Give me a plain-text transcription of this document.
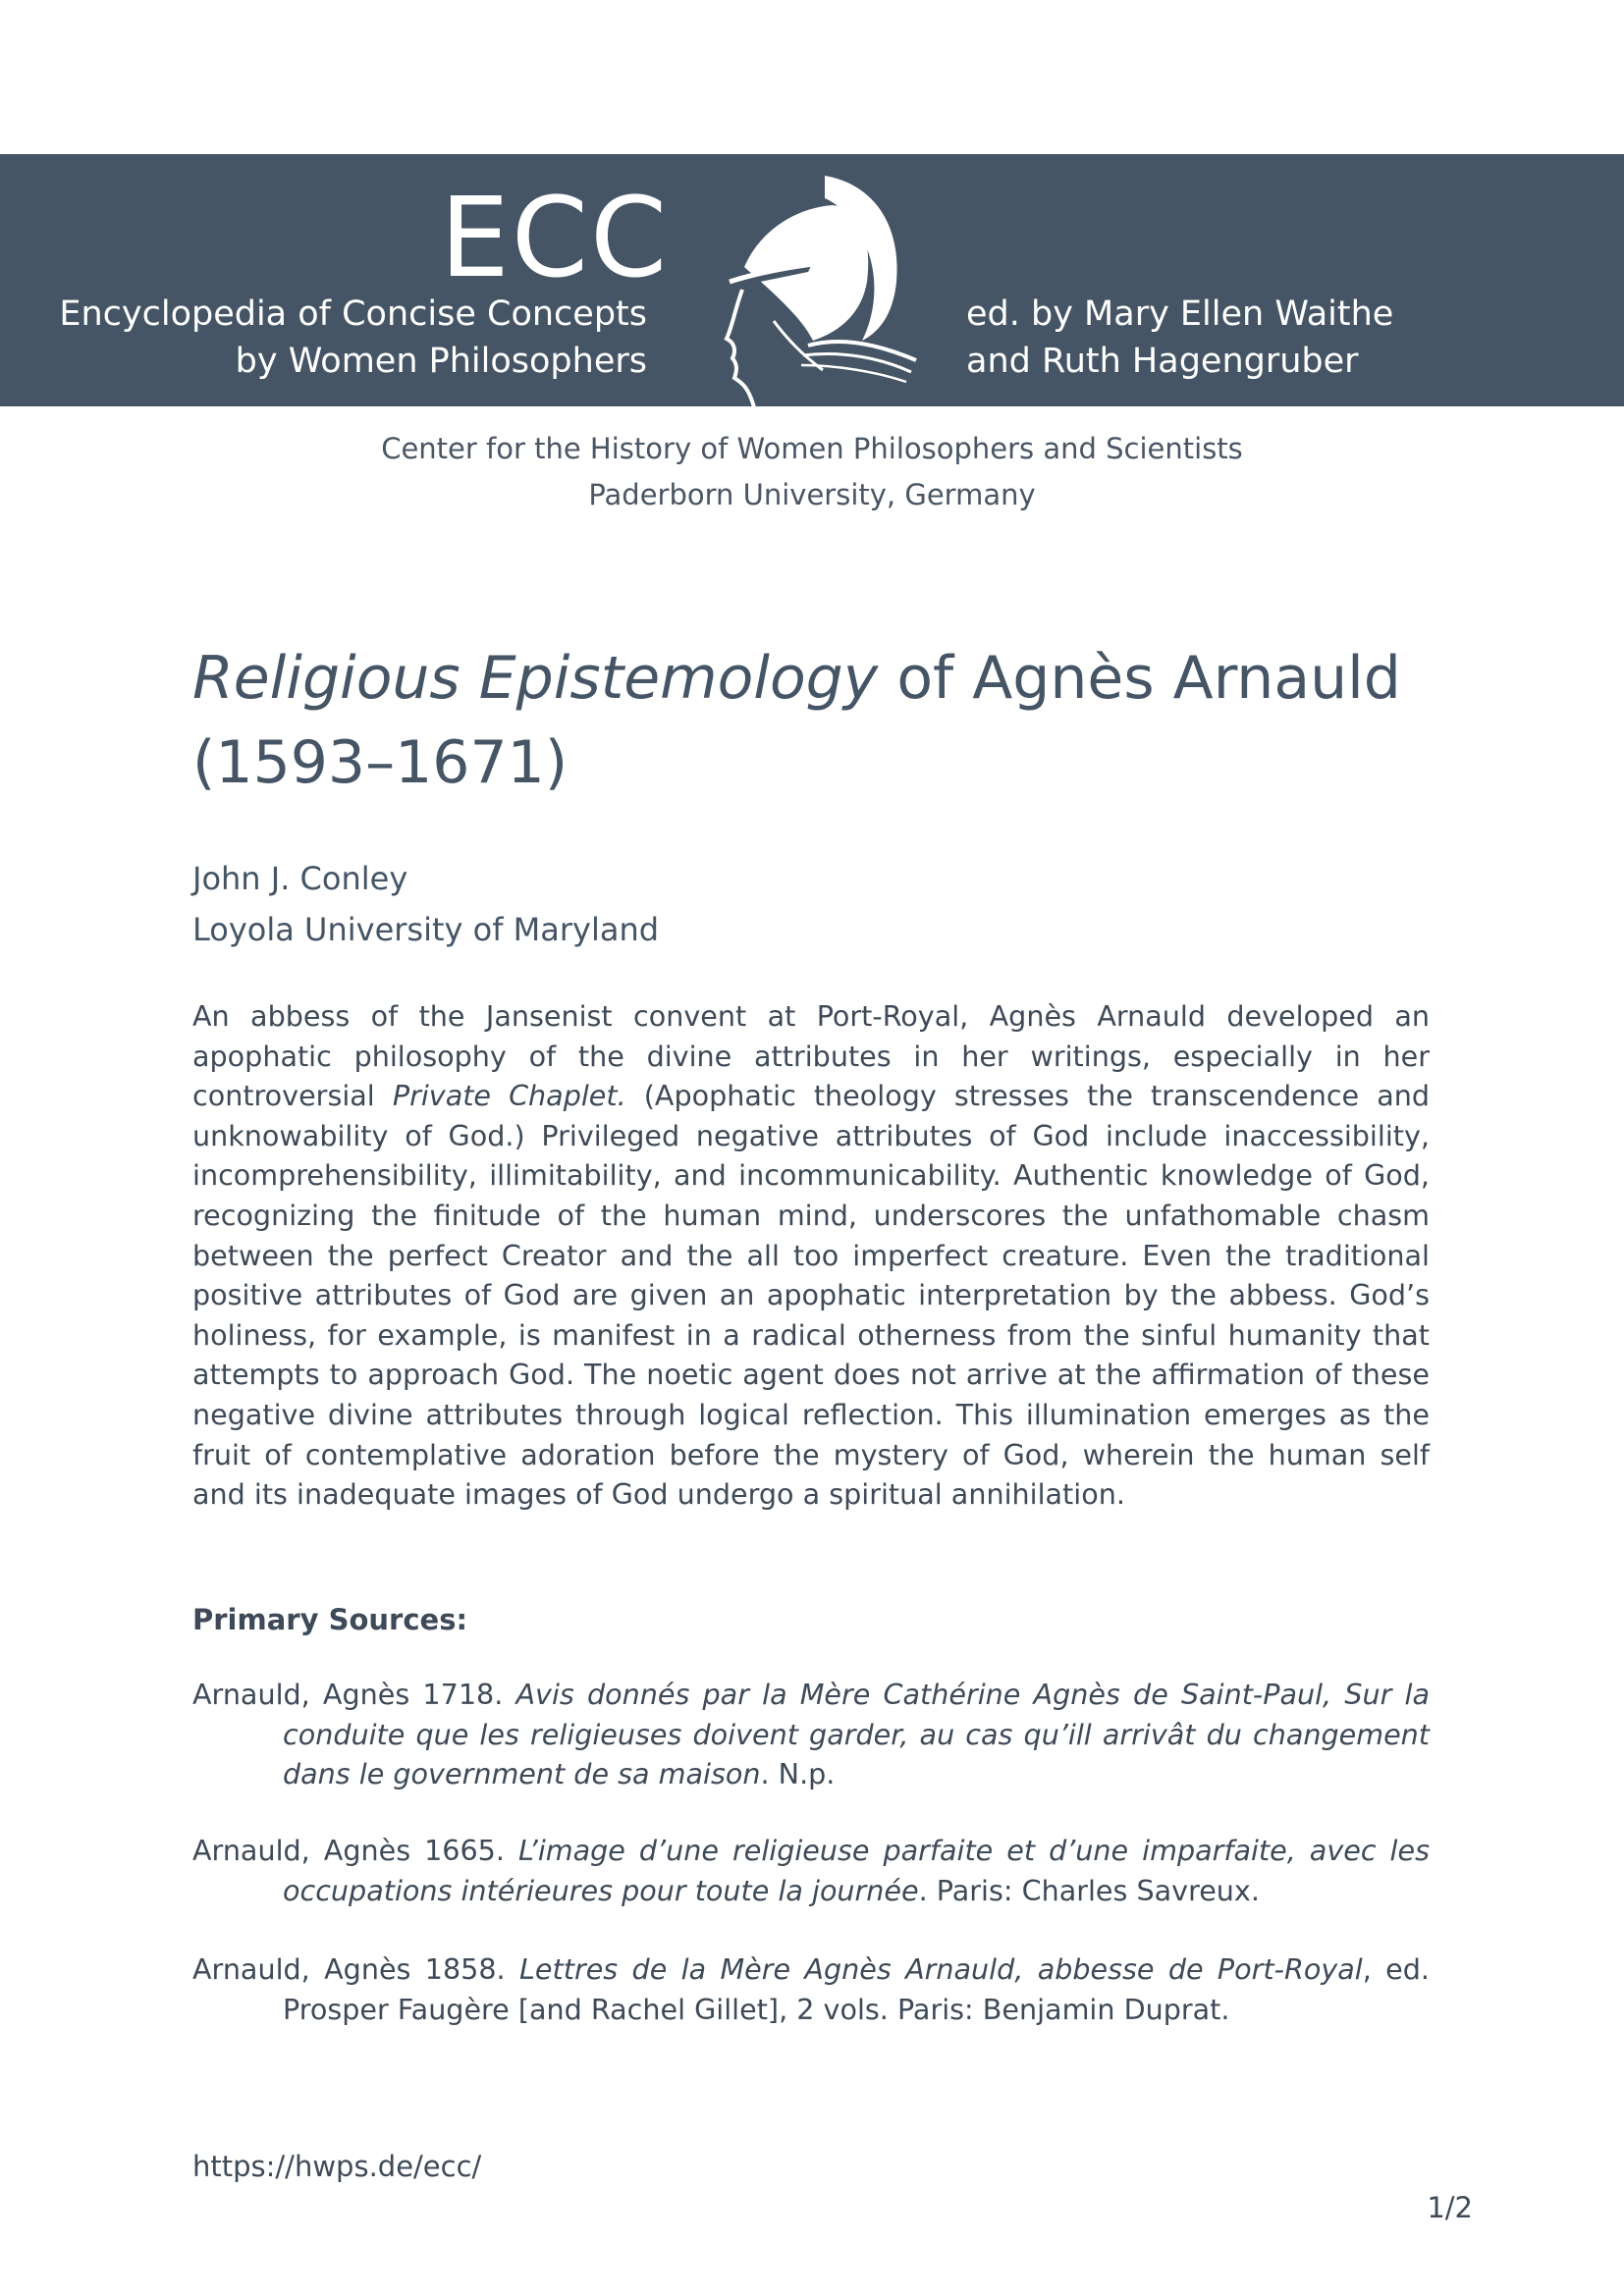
ECC
Encyclopedia of Concise Concepts
by Women Philosophers
ed. by Mary Ellen Waithe
and Ruth Hagengruber
Center for the History of Women Philosophers and Scientists
Paderborn University, Germany
Religious Epistemology of Agnès Arnauld
(1593–1671)
John J. Conley
Loyola University of Maryland

An abbess of the Jansenist convent at Port-Royal, Agnès Arnauld developed an apophatic philosophy of the divine attributes in her writings, especially in her controversial Private Chaplet. (Apophatic theology stresses the transcendence and unknowability of God.) Privileged negative attributes of God include inaccessibility, incomprehensibility, illimitability, and incommunicability. Authentic knowledge of God, recognizing the finitude of the human mind, underscores the unfathomable chasm between the perfect Creator and the all too imperfect creature. Even the traditional positive attributes of God are given an apophatic interpretation by the abbess. God’s holiness, for example, is manifest in a radical otherness from the sinful humanity that attempts to approach God. The noetic agent does not arrive at the affirmation of these negative divine attributes through logical reflection. This illumination emerges as the fruit of contemplative adoration before the mystery of God, wherein the human self and its inadequate images of God undergo a spiritual annihilation.

Primary Sources:

Arnauld, Agnès 1718. Avis donnés par la Mère Cathérine Agnès de Saint-Paul, Sur la conduite que les religieuses doivent garder, au cas qu’ill arrivât du changement dans le government de sa maison. N.p.

Arnauld, Agnès 1665. L’image d’une religieuse parfaite et d’une imparfaite, avec les occupations intérieures pour toute la journée. Paris: Charles Savreux.

Arnauld, Agnès 1858. Lettres de la Mère Agnès Arnauld, abbesse de Port-Royal, ed. Prosper Faugère [and Rachel Gillet], 2 vols. Paris: Benjamin Duprat.

https://hwps.de/ecc/
1/2
